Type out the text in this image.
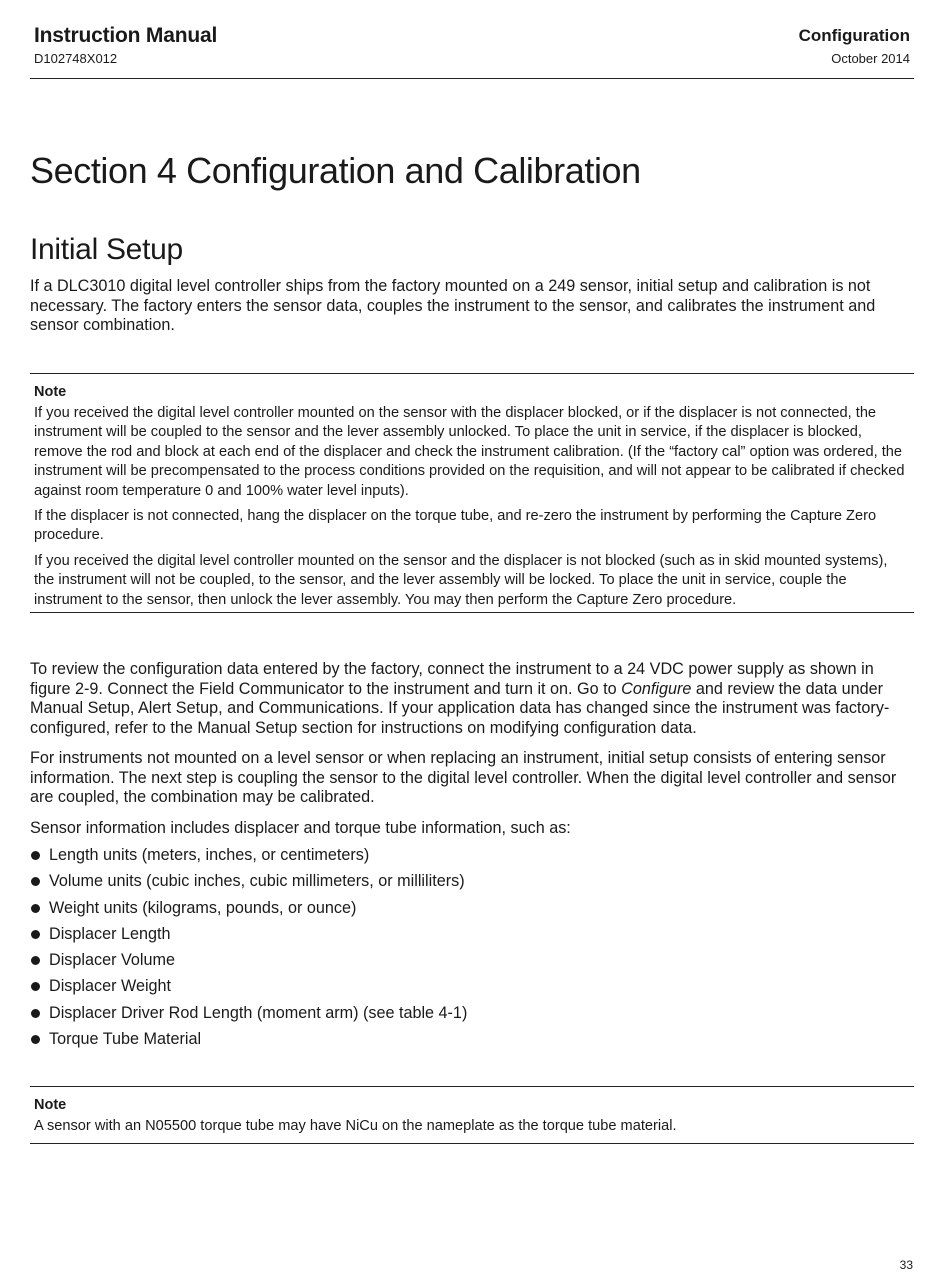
Instruction Manual
D102748X012
Configuration
October 2014
Section 4 Configuration and Calibration
Initial Setup

If a DLC3010 digital level controller ships from the factory mounted on a 249 sensor, initial setup and calibration is not necessary. The factory enters the sensor data, couples the instrument to the sensor, and calibrates the instrument and sensor combination.

Note

If you received the digital level controller mounted on the sensor with the displacer blocked, or if the displacer is not connected, the instrument will be coupled to the sensor and the lever assembly unlocked. To place the unit in service, if the displacer is blocked, remove the rod and block at each end of the displacer and check the instrument calibration. (If the “factory cal” option was ordered, the instrument will be precompensated to the process conditions provided on the requisition, and will not appear to be calibrated if checked against room temperature 0 and 100% water level inputs).

If the displacer is not connected, hang the displacer on the torque tube, and re-zero the instrument by performing the Capture Zero procedure.

If you received the digital level controller mounted on the sensor and the displacer is not blocked (such as in skid mounted systems), the instrument will not be coupled, to the sensor, and the lever assembly will be locked. To place the unit in service, couple the instrument to the sensor, then unlock the lever assembly. You may then perform the Capture Zero procedure.

To review the configuration data entered by the factory, connect the instrument to a 24 VDC power supply as shown in figure 2-9. Connect the Field Communicator to the instrument and turn it on. Go to Configure and review the data under Manual Setup, Alert Setup, and Communications. If your application data has changed since the instrument was factory-configured, refer to the Manual Setup section for instructions on modifying configuration data.

For instruments not mounted on a level sensor or when replacing an instrument, initial setup consists of entering sensor information. The next step is coupling the sensor to the digital level controller. When the digital level controller and sensor are coupled, the combination may be calibrated.

Sensor information includes displacer and torque tube information, such as:

Length units (meters, inches, or centimeters)
Volume units (cubic inches, cubic millimeters, or milliliters)
Weight units (kilograms, pounds, or ounce)
Displacer Length
Displacer Volume
Displacer Weight
Displacer Driver Rod Length (moment arm) (see table 4-1)
Torque Tube Material

Note

A sensor with an N05500 torque tube may have NiCu on the nameplate as the torque tube material.

33
